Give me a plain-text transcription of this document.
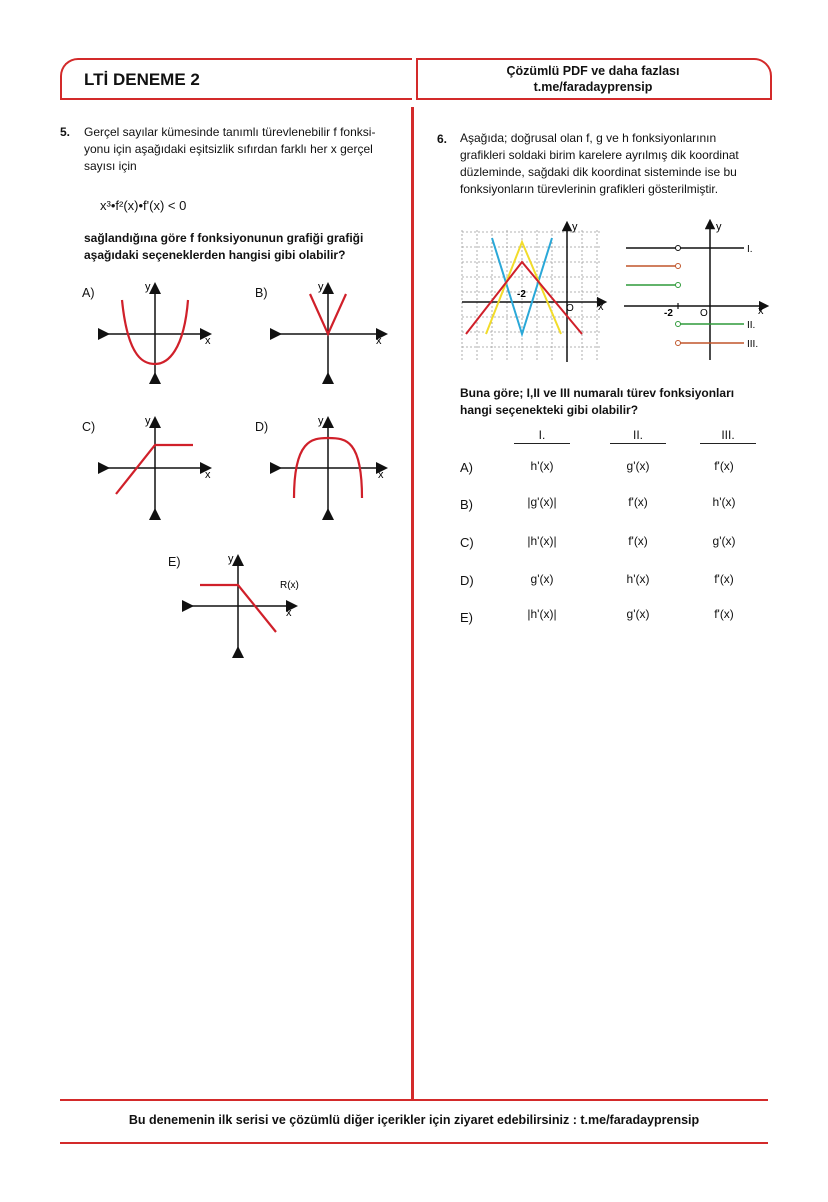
LTİ DENEME 2	Çözümlü PDF ve daha fazlası
t.me/faradayprensip
5. Gerçel sayılar kümesinde tanımlı türevlenebilir f fonksi-
yonu için aşağıdaki eşitsizlik sıfırdan farklı her x gerçel
sayısı için
x³•f²(x)•f'(x) < 0
sağlandığına göre f fonksiyonunun grafiği grafiği
aşağıdaki seçeneklerden hangisi gibi olabilir?
A)	B)
C)	D)
E)
x
y
x
y
x
y
x
y
x
y
R(x)
6. Aşağıda; doğrusal olan f, g ve h fonksiyonlarının
grafikleri soldaki birim karelere ayrılmış dik koordinat
düzleminde, sağdaki dik koordinat sisteminde ise bu
fonksiyonların türevlerinin grafikleri gösterilmiştir.
-2
O x
y
-2	O	x
y
I.
II.
III.
Buna göre; I,II ve III numaralı türev fonksiyonları
hangi seçenekteki gibi olabilir?
I.	II.	III.
A)	h'(x)	g'(x)	f'(x)
B)	|g'(x)|	f'(x)	h'(x)
C)	|h'(x)|	f'(x)	g'(x)
D)	g'(x)	h'(x)	f'(x)
E)	|h'(x)|	g'(x)	f'(x)
Bu denemenin ilk serisi ve çözümlü diğer içerikler için ziyaret edebilirsiniz : t.me/faradayprensip
